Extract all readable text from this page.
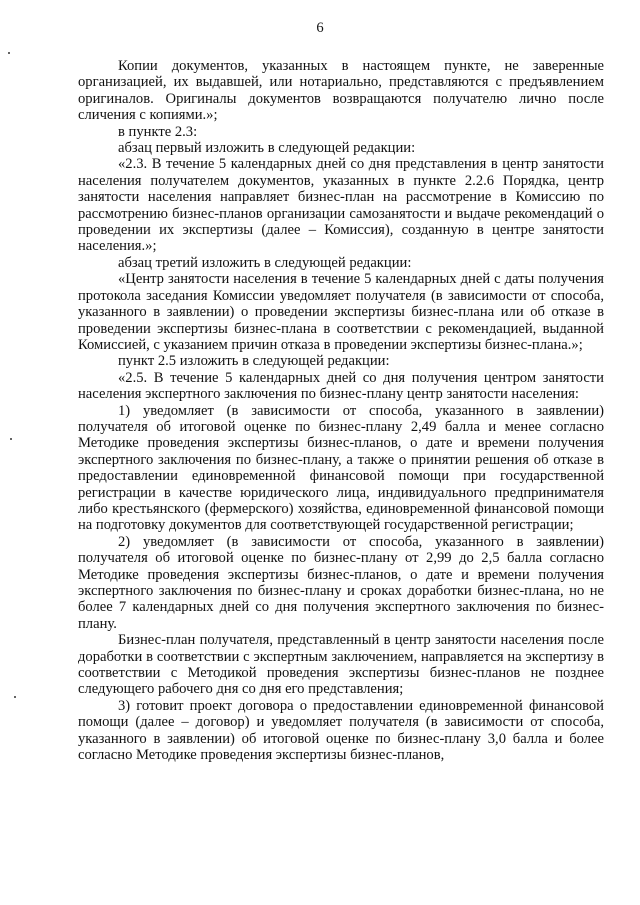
6

Копии документов, указанных в настоящем пункте, не заверенные организацией, их выдавшей, или нотариально, представляются с предъявлением оригиналов. Оригиналы документов возвращаются получателю лично после сличения с копиями.»;

в пункте 2.3:

абзац первый изложить в следующей редакции:

«2.3. В течение 5 календарных дней со дня представления в центр занятости населения получателем документов, указанных в пункте 2.2.6 Порядка, центр занятости населения направляет бизнес-план на рассмотрение в Комиссию по рассмотрению бизнес-планов организации самозанятости и выдаче рекомендаций о проведении их экспертизы (далее – Комиссия), созданную в центре занятости населения.»;

абзац третий изложить в следующей редакции:

«Центр занятости населения в течение 5 календарных дней с даты получения протокола заседания Комиссии уведомляет получателя (в зависимости от способа, указанного в заявлении) о проведении экспертизы бизнес-плана или об отказе в проведении экспертизы бизнес-плана в соответствии с рекомендацией, выданной Комиссией, с указанием причин отказа в проведении экспертизы бизнес-плана.»;

пункт 2.5 изложить в следующей редакции:

«2.5. В течение 5 календарных дней со дня получения центром занятости населения экспертного заключения по бизнес-плану центр занятости населения:

1) уведомляет (в зависимости от способа, указанного в заявлении) получателя об итоговой оценке по бизнес-плану 2,49 балла и менее согласно Методике проведения экспертизы бизнес-планов, о дате и времени получения экспертного заключения по бизнес-плану, а также о принятии решения об отказе в предоставлении единовременной финансовой помощи при государственной регистрации в качестве юридического лица, индивидуального предпринимателя либо крестьянского (фермерского) хозяйства, единовременной финансовой помощи на подготовку документов для соответствующей государственной регистрации;

2) уведомляет (в зависимости от способа, указанного в заявлении) получателя об итоговой оценке по бизнес-плану от 2,99 до 2,5 балла согласно Методике проведения экспертизы бизнес-планов, о дате и времени получения экспертного заключения по бизнес-плану и сроках доработки бизнес-плана, но не более 7 календарных дней со дня получения экспертного заключения по бизнес-плану.

Бизнес-план получателя, представленный в центр занятости населения после доработки в соответствии с экспертным заключением, направляется на экспертизу в соответствии с Методикой проведения экспертизы бизнес-планов не позднее следующего рабочего дня со дня его представления;

3) готовит проект договора о предоставлении единовременной финансовой помощи (далее – договор) и уведомляет получателя (в зависимости от способа, указанного в заявлении) об итоговой оценке по бизнес-плану 3,0 балла и более согласно Методике проведения экспертизы бизнес-планов,
